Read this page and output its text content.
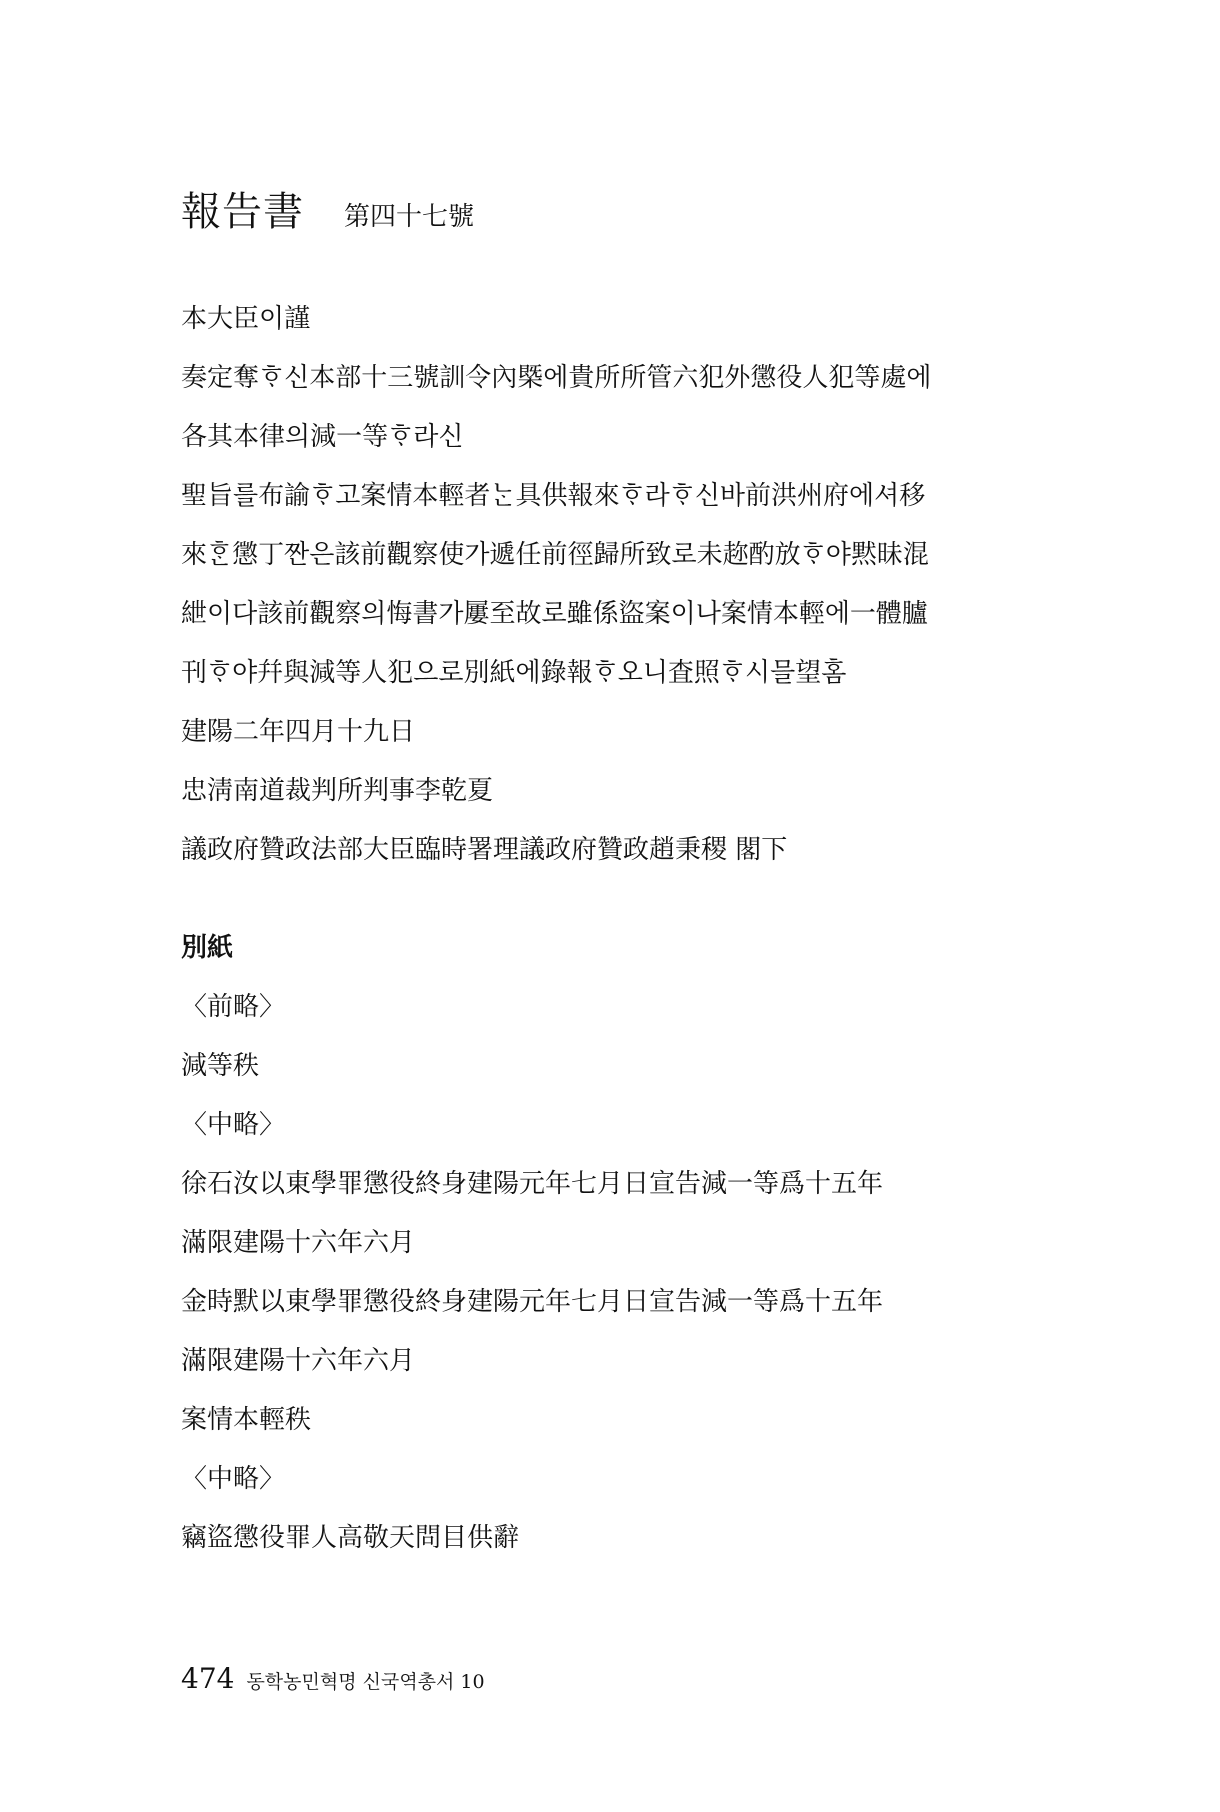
報告書 第四十七號
本大臣이謹
奏定奪ᄒᆞ신本部十三號訓令內槩에貴所所管六犯外懲役人犯等處에
各其本律의減一等ᄒᆞ라신
聖旨를布諭ᄒᆞ고案情本輕者ᄂᆞᆫ具供報來ᄒᆞ라ᄒᆞ신바前洪州府에셔移
來ᄒᆞᆫ懲丁짠은該前觀察使가遞任前徑歸所致로未趂酌放ᄒᆞ야黙昧混
紲이다該前觀察의悔書가屢至故로雖係盜案이나案情本輕에一體臚
刊ᄒᆞ야幷與減等人犯으로別紙에錄報ᄒᆞ오니査照ᄒᆞ시믈望홈
建陽二年四月十九日
忠淸南道裁判所判事李乾夏
議政府贊政法部大臣臨時署理議政府贊政趙秉稷 閣下
別紙
〈前略〉
減等秩
〈中略〉
徐石汝以東學罪懲役終身建陽元年七月日宣告減一等爲十五年
滿限建陽十六年六月
金時默以東學罪懲役終身建陽元年七月日宣告減一等爲十五年
滿限建陽十六年六月
案情本輕秩
〈中略〉
竊盜懲役罪人高敬天問目供辭
474 동학농민혁명 신국역총서 10
